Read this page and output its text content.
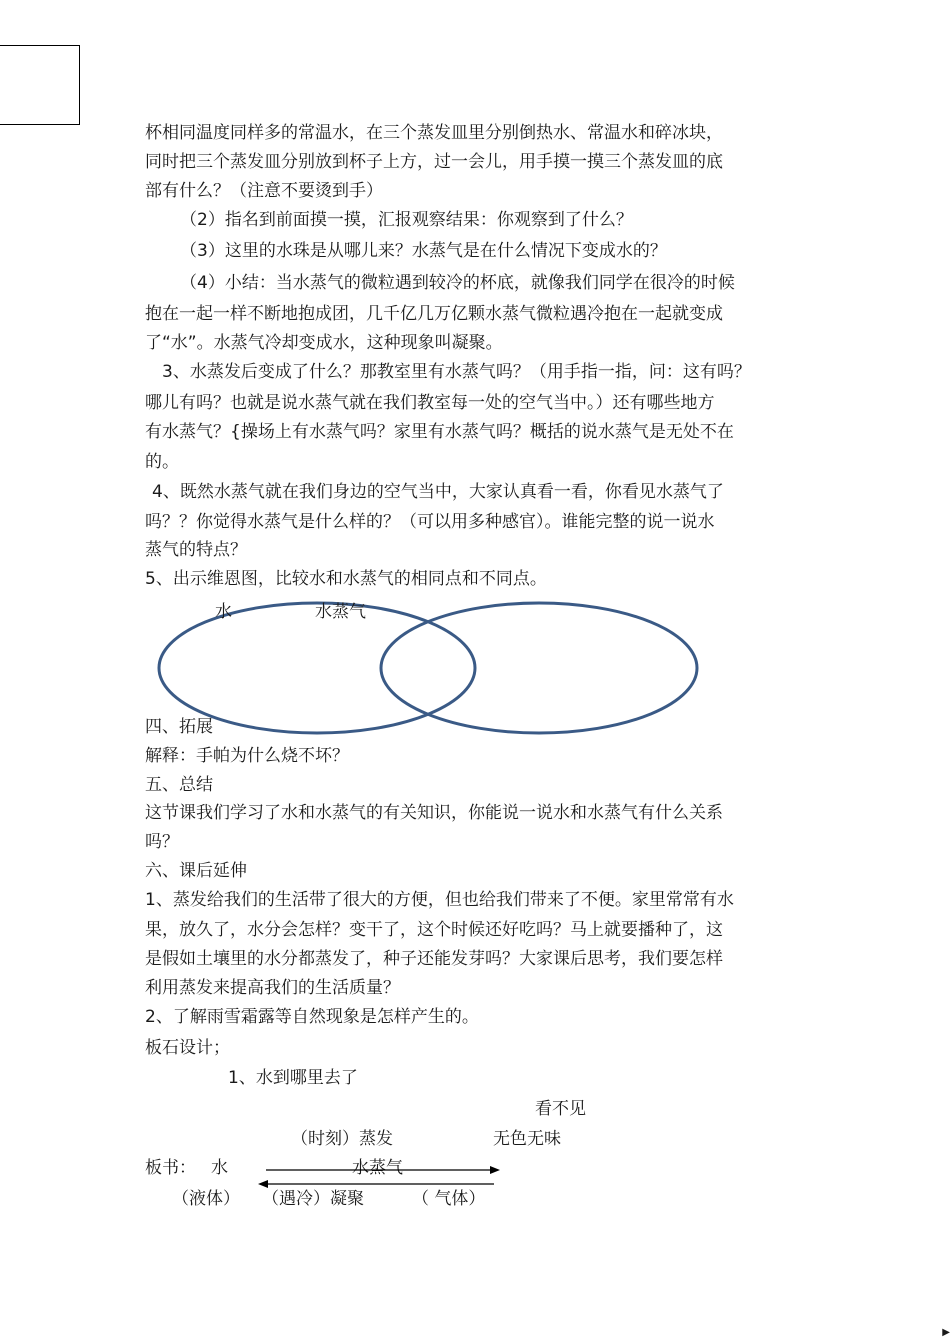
杯相同温度同样多的常温水，在三个蒸发皿里分别倒热水、常温水和碎冰块，
同时把三个蒸发皿分别放到杯子上方，过一会儿，用手摸一摸三个蒸发皿的底
部有什么？（注意不要烫到手）
（2）指名到前面摸一摸，汇报观察结果：你观察到了什么？
（3）这里的水珠是从哪儿来？水蒸气是在什么情况下变成水的？
（4）小结：当水蒸气的微粒遇到较冷的杯底，就像我们同学在很冷的时候
抱在一起一样不断地抱成团，几千亿几万亿颗水蒸气微粒遇冷抱在一起就变成
了“水”。水蒸气冷却变成水，这种现象叫凝聚。
3、水蒸发后变成了什么？那教室里有水蒸气吗？（用手指一指，问：这有吗？
哪儿有吗？也就是说水蒸气就在我们教室每一处的空气当中。）还有哪些地方
有水蒸气？{操场上有水蒸气吗？家里有水蒸气吗？概括的说水蒸气是无处不在
的。
4、既然水蒸气就在我们身边的空气当中，大家认真看一看，你看见水蒸气了
吗？？你觉得水蒸气是什么样的？（可以用多种感官）。谁能完整的说一说水
蒸气的特点？
5、出示维恩图，比较水和水蒸气的相同点和不同点。
水	水蒸气
四、拓展
解释：手帕为什么烧不坏？
五、总结
这节课我们学习了水和水蒸气的有关知识，你能说一说水和水蒸气有什么关系
吗？
六、课后延伸
1、蒸发给我们的生活带了很大的方便，但也给我们带来了不便。家里常常有水
果，放久了，水分会怎样？变干了，这个时候还好吃吗？马上就要播种了，这
是假如土壤里的水分都蒸发了，种子还能发芽吗？大家课后思考，我们要怎样
利用蒸发来提高我们的生活质量？
2、了解雨雪霜露等自然现象是怎样产生的。
板石设计；
1、水到哪里去了
看不见
（时刻）蒸发	无色无味
板书： 水	水蒸气
（液体） （遇冷）凝聚	（ 气体）
▶
